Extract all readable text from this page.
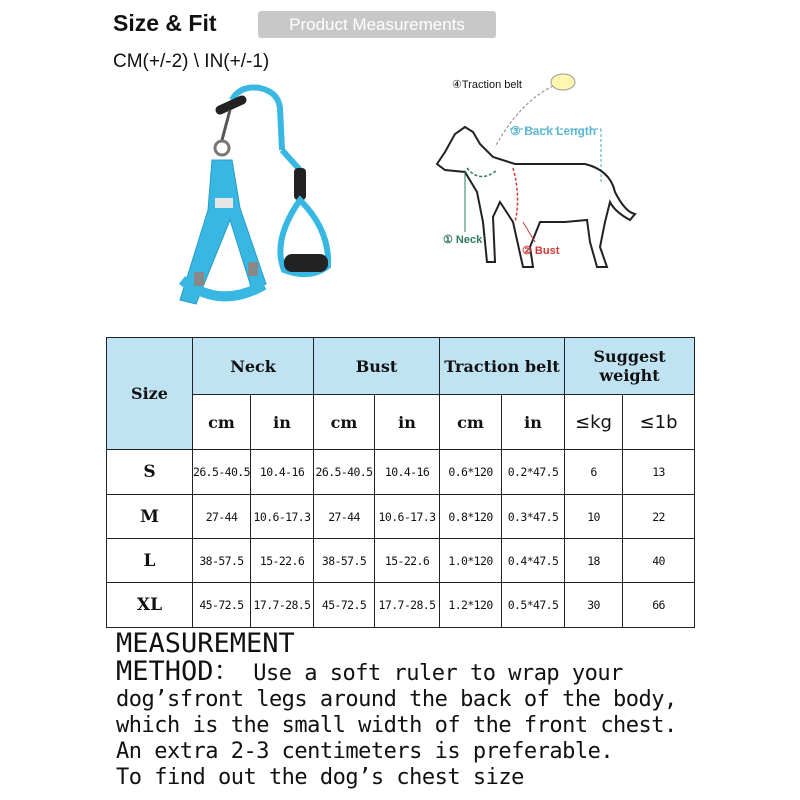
Size & Fit	Product Measurements
CM(+/-2) \ IN(+/-1)
④Traction belt
③ Back Length
① Neck
② Bust
Size	Neck		Bust		Traction belt		Suggest weight	
	cm	in	cm	in	cm	in	≤kg	≤1b
S	26.5-40.5	10.4-16	26.5-40.5	10.4-16	0.6*120	0.2*47.5	6	13
M	27-44	10.6-17.3	27-44	10.6-17.3	0.8*120	0.3*47.5	10	22
L	38-57.5	15-22.6	38-57.5	15-22.6	1.0*120	0.4*47.5	18	40
XL	45-72.5	17.7-28.5	45-72.5	17.7-28.5	1.2*120	0.5*47.5	30	66
MEASUREMENT
METHOD： Use a soft ruler to wrap your
dog’sfront legs around the back of the body,
which is the small width of the front chest.
An extra 2-3 centimeters is preferable.
To find out the dog’s chest size
